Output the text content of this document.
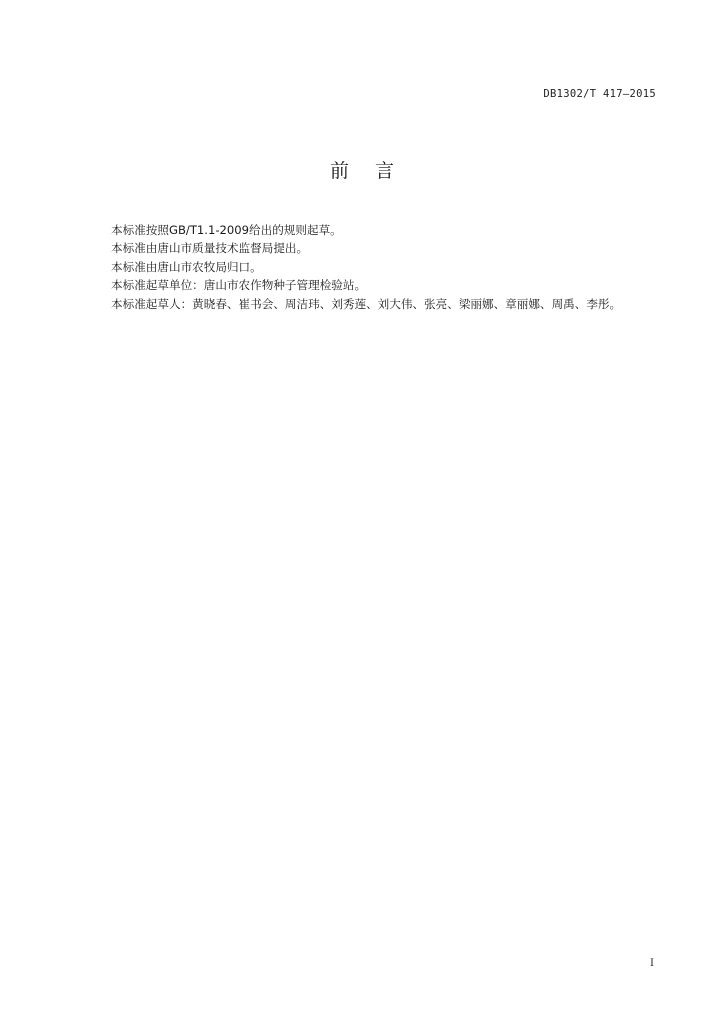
DB1302/T 417—2015
前言
本标准按照GB/T1.1-2009给出的规则起草。
本标准由唐山市质量技术监督局提出。
本标准由唐山市农牧局归口。
本标准起草单位：唐山市农作物种子管理检验站。
本标准起草人：黄晓春、崔书会、周洁玮、刘秀莲、刘大伟、张亮、梁丽娜、章丽娜、周禹、李彤。
I
